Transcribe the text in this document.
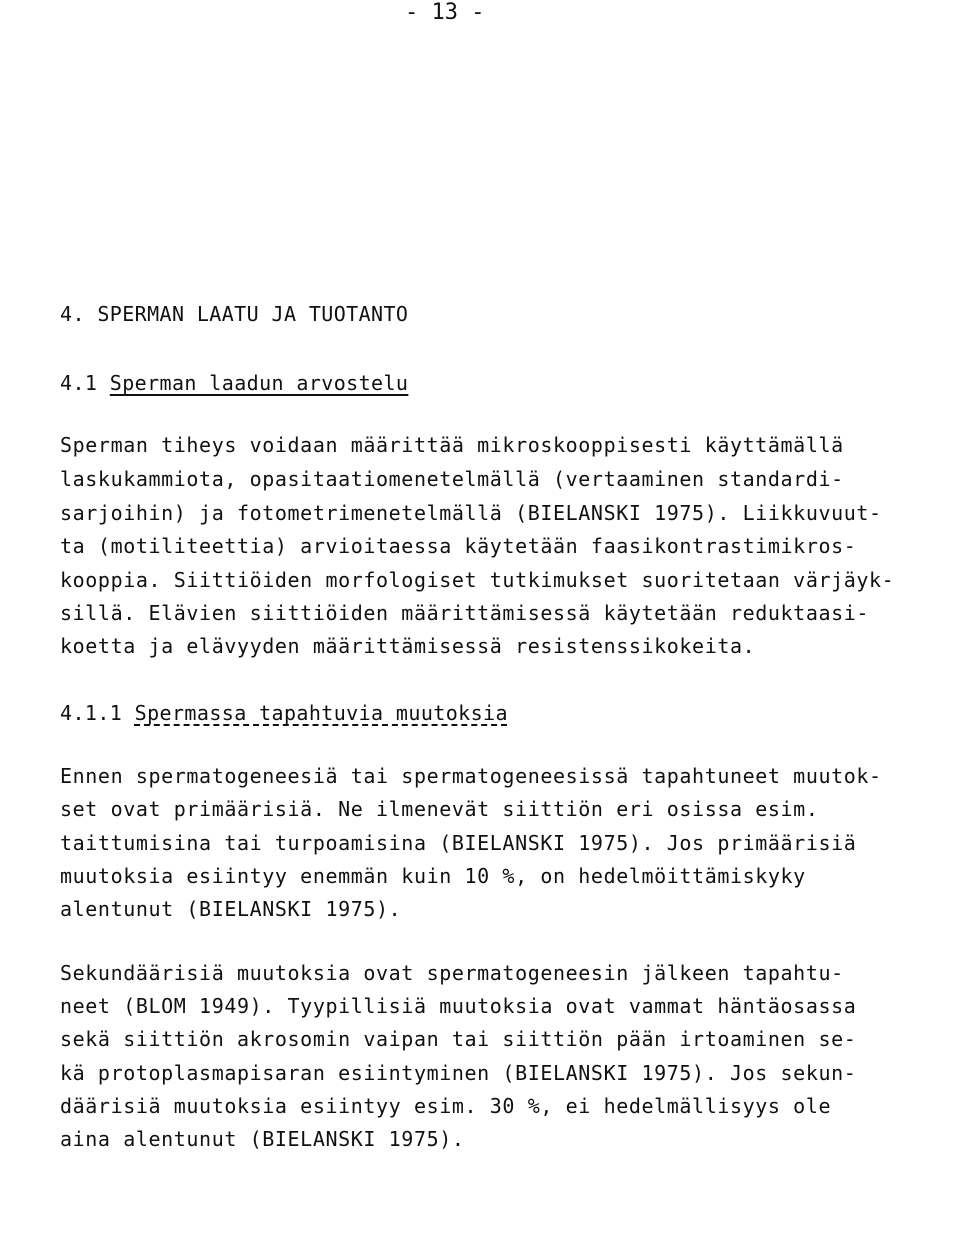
- 13 -
4. SPERMAN LAATU JA TUOTANTO
4.1 Sperman laadun arvostelu
Sperman tiheys voidaan määrittää mikroskooppisesti käyttämällä
laskukammiota, opasitaatiomenetelmällä (vertaaminen standardi-
sarjoihin) ja fotometrimenetelmällä (BIELANSKI 1975). Liikkuvuut-
ta (motiliteettia) arvioitaessa käytetään faasikontrastimikros-
kooppia. Siittiöiden morfologiset tutkimukset suoritetaan värjäyk-
sillä. Elävien siittiöiden määrittämisessä käytetään reduktaasi-
koetta ja elävyyden määrittämisessä resistenssikokeita.
4.1.1 Spermassa tapahtuvia muutoksia
Ennen spermatogeneesiä tai spermatogeneesissä tapahtuneet muutok-
set ovat primäärisiä. Ne ilmenevät siittiön eri osissa esim.
taittumisina tai turpoamisina (BIELANSKI 1975). Jos primäärisiä
muutoksia esiintyy enemmän kuin 10 %, on hedelmöittämiskyky
alentunut (BIELANSKI 1975).
Sekundäärisiä muutoksia ovat spermatogeneesin jälkeen tapahtu-
neet (BLOM 1949). Tyypillisiä muutoksia ovat vammat häntäosassa
sekä siittiön akrosomin vaipan tai siittiön pään irtoaminen se-
kä protoplasmapisaran esiintyminen (BIELANSKI 1975). Jos sekun-
däärisiä muutoksia esiintyy esim. 30 %, ei hedelmällisyys ole
aina alentunut (BIELANSKI 1975).
